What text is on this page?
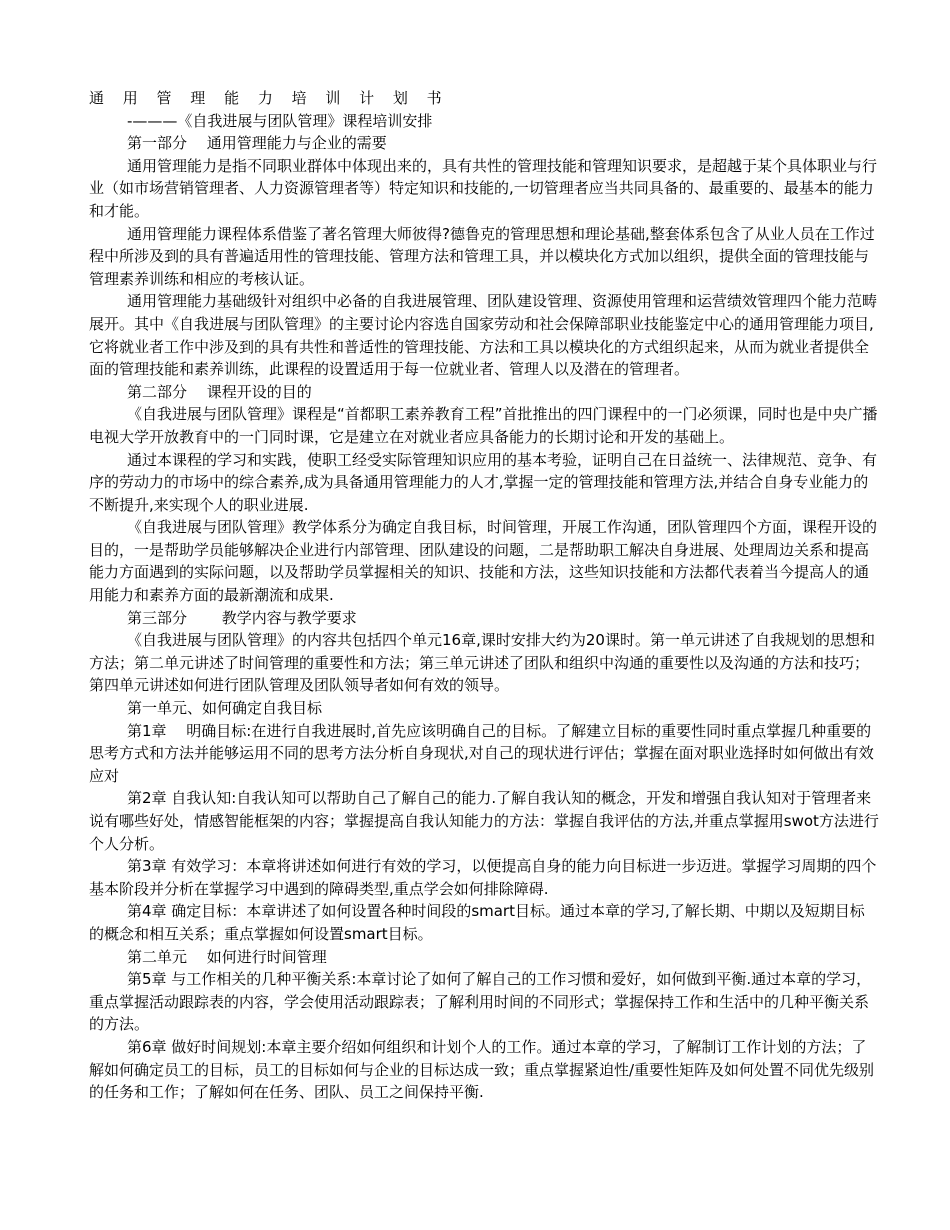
通 用 管 理 能 力 培 训 计 划 书

-———《自我进展与团队管理》课程培训安排

第一部分　 通用管理能力与企业的需要

通用管理能力是指不同职业群体中体现出来的，具有共性的管理技能和管理知识要求，是超越于某个具体职业与行业（如市场营销管理者、人力资源管理者等）特定知识和技能的,一切管理者应当共同具备的、最重要的、最基本的能力和才能。

通用管理能力课程体系借鉴了著名管理大师彼得?德鲁克的管理思想和理论基础,整套体系包含了从业人员在工作过程中所涉及到的具有普遍适用性的管理技能、管理方法和管理工具，并以模块化方式加以组织，提供全面的管理技能与管理素养训练和相应的考核认证。

通用管理能力基础级针对组织中必备的自我进展管理、团队建设管理、资源使用管理和运营绩效管理四个能力范畴展开。其中《自我进展与团队管理》的主要讨论内容选自国家劳动和社会保障部职业技能鉴定中心的通用管理能力项目,它将就业者工作中涉及到的具有共性和普适性的管理技能、方法和工具以模块化的方式组织起来，从而为就业者提供全面的管理技能和素养训练，此课程的设置适用于每一位就业者、管理人以及潜在的管理者。

第二部分　 课程开设的目的

《自我进展与团队管理》课程是“首都职工素养教育工程”首批推出的四门课程中的一门必须课，同时也是中央广播电视大学开放教育中的一门同时课，它是建立在对就业者应具备能力的长期讨论和开发的基础上。

通过本课程的学习和实践，使职工经受实际管理知识应用的基本考验，证明自己在日益统一、法律规范、竞争、有序的劳动力的市场中的综合素养,成为具备通用管理能力的人才,掌握一定的管理技能和管理方法,并结合自身专业能力的不断提升,来实现个人的职业进展.

《自我进展与团队管理》教学体系分为确定自我目标，时间管理，开展工作沟通，团队管理四个方面，课程开设的目的，一是帮助学员能够解决企业进行内部管理、团队建设的问题，二是帮助职工解决自身进展、处理周边关系和提高能力方面遇到的实际问题，以及帮助学员掌握相关的知识、技能和方法，这些知识技能和方法都代表着当今提高人的通用能力和素养方面的最新潮流和成果.

第三部分　　 教学内容与教学要求

《自我进展与团队管理》的内容共包括四个单元16章,课时安排大约为20课时。第一单元讲述了自我规划的思想和方法；第二单元讲述了时间管理的重要性和方法；第三单元讲述了团队和组织中沟通的重要性以及沟通的方法和技巧；第四单元讲述如何进行团队管理及团队领导者如何有效的领导。

第一单元、如何确定自我目标

第1章　 明确目标:在进行自我进展时,首先应该明确自己的目标。了解建立目标的重要性同时重点掌握几种重要的思考方式和方法并能够运用不同的思考方法分析自身现状,对自己的现状进行评估；掌握在面对职业选择时如何做出有效应对

第2章 自我认知:自我认知可以帮助自己了解自己的能力.了解自我认知的概念，开发和增强自我认知对于管理者来说有哪些好处，情感智能框架的内容；掌握提高自我认知能力的方法：掌握自我评估的方法,并重点掌握用swot方法进行个人分析。

第3章 有效学习：本章将讲述如何进行有效的学习，以便提高自身的能力向目标进一步迈进。掌握学习周期的四个基本阶段并分析在掌握学习中遇到的障碍类型,重点学会如何排除障碍.

第4章 确定目标：本章讲述了如何设置各种时间段的smart目标。通过本章的学习,了解长期、中期以及短期目标的概念和相互关系；重点掌握如何设置smart目标。

第二单元　 如何进行时间管理

第5章 与工作相关的几种平衡关系:本章讨论了如何了解自己的工作习惯和爱好，如何做到平衡.通过本章的学习，重点掌握活动跟踪表的内容，学会使用活动跟踪表；了解利用时间的不同形式；掌握保持工作和生活中的几种平衡关系的方法。

第6章 做好时间规划:本章主要介绍如何组织和计划个人的工作。通过本章的学习，了解制订工作计划的方法；了解如何确定员工的目标，员工的目标如何与企业的目标达成一致；重点掌握紧迫性/重要性矩阵及如何处置不同优先级别的任务和工作；了解如何在任务、团队、员工之间保持平衡.
